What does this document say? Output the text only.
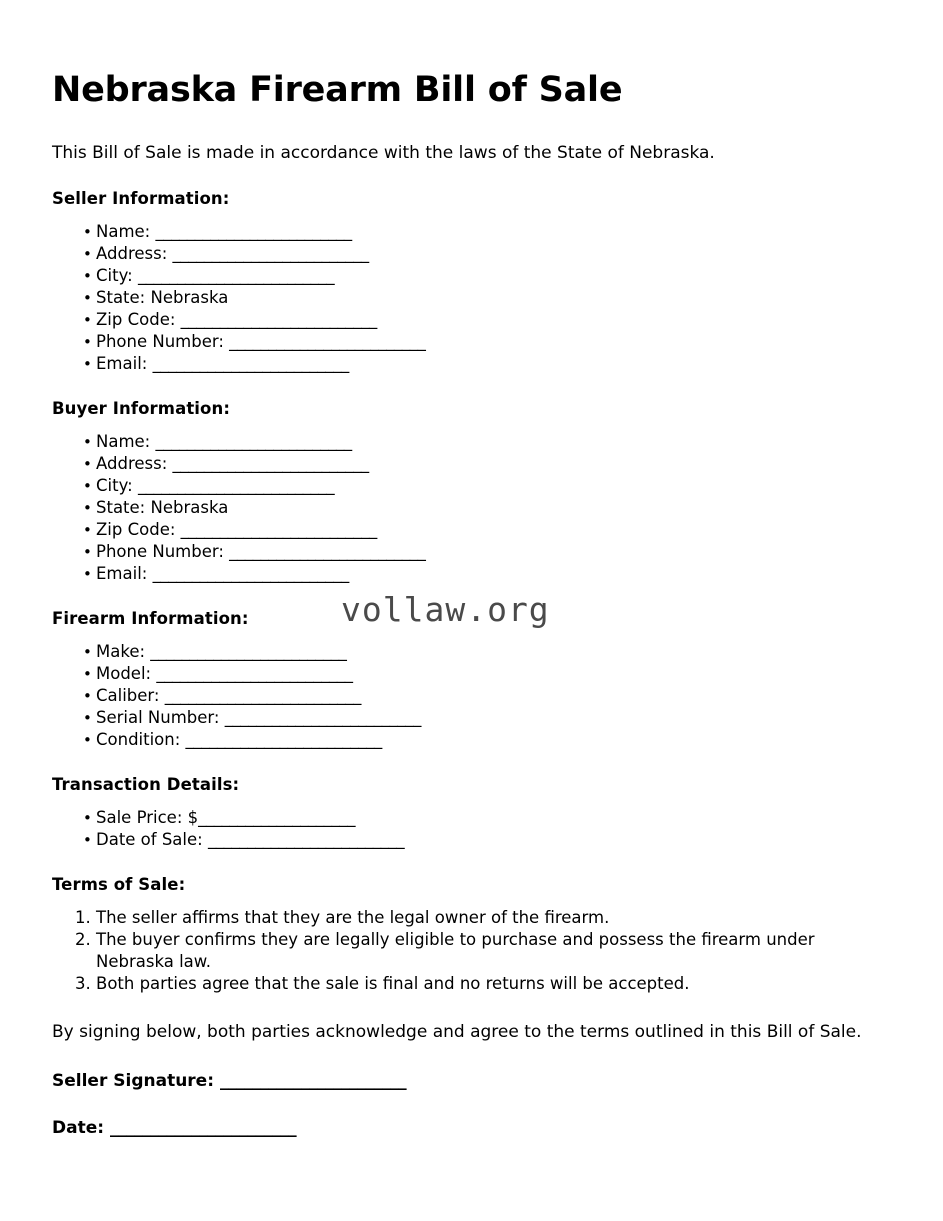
Nebraska Firearm Bill of Sale

This Bill of Sale is made in accordance with the laws of the State of Nebraska.

Seller Information:
• Name: _________________________
• Address: _________________________
• City: _________________________
• State: Nebraska
• Zip Code: _________________________
• Phone Number: _________________________
• Email: _________________________
Buyer Information:
• Name: _________________________
• Address: _________________________
• City: _________________________
• State: Nebraska
• Zip Code: _________________________
• Phone Number: _________________________
• Email: _________________________
Firearm Information:
• Make: _________________________
• Model: _________________________
• Caliber: _________________________
• Serial Number: _________________________
• Condition: _________________________
Transaction Details:
• Sale Price: $____________________
• Date of Sale: _________________________
Terms of Sale:
The seller affirms that they are the legal owner of the firearm.
The buyer confirms they are legally eligible to purchase and possess the firearm under Nebraska law.
Both parties agree that the sale is final and no returns will be accepted.

By signing below, both parties acknowledge and agree to the terms outlined in this Bill of Sale.

Seller Signature: _______________________
Date: _______________________
vollaw.org
